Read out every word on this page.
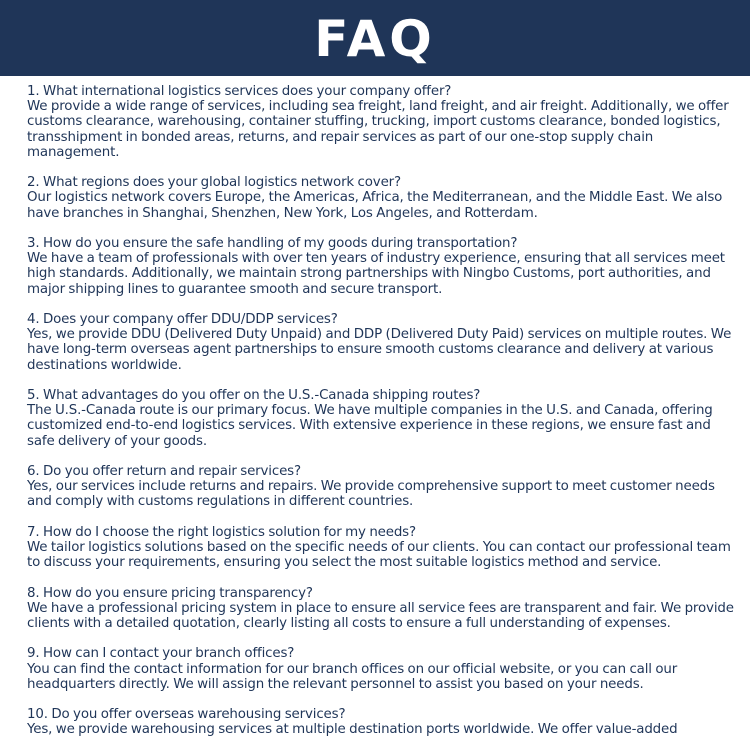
FAQ
1. What international logistics services does your company offer?
We provide a wide range of services, including sea freight, land freight, and air freight. Additionally, we offer customs clearance, warehousing, container stuffing, trucking, import customs clearance, bonded logistics, transshipment in bonded areas, returns, and repair services as part of our one-stop supply chain management.
2. What regions does your global logistics network cover?
Our logistics network covers Europe, the Americas, Africa, the Mediterranean, and the Middle East. We also have branches in Shanghai, Shenzhen, New York, Los Angeles, and Rotterdam.
3. How do you ensure the safe handling of my goods during transportation?
We have a team of professionals with over ten years of industry experience, ensuring that all services meet high standards. Additionally, we maintain strong partnerships with Ningbo Customs, port authorities, and major shipping lines to guarantee smooth and secure transport.
4. Does your company offer DDU/DDP services?
Yes, we provide DDU (Delivered Duty Unpaid) and DDP (Delivered Duty Paid) services on multiple routes. We have long-term overseas agent partnerships to ensure smooth customs clearance and delivery at various destinations worldwide.
5. What advantages do you offer on the U.S.-Canada shipping routes?
The U.S.-Canada route is our primary focus. We have multiple companies in the U.S. and Canada, offering customized end-to-end logistics services. With extensive experience in these regions, we ensure fast and safe delivery of your goods.
6. Do you offer return and repair services?
Yes, our services include returns and repairs. We provide comprehensive support to meet customer needs and comply with customs regulations in different countries.
7. How do I choose the right logistics solution for my needs?
We tailor logistics solutions based on the specific needs of our clients. You can contact our professional team to discuss your requirements, ensuring you select the most suitable logistics method and service.
8. How do you ensure pricing transparency?
We have a professional pricing system in place to ensure all service fees are transparent and fair. We provide clients with a detailed quotation, clearly listing all costs to ensure a full understanding of expenses.
9. How can I contact your branch offices?
You can find the contact information for our branch offices on our official website, or you can call our headquarters directly. We will assign the relevant personnel to assist you based on your needs.
10. Do you offer overseas warehousing services?
Yes, we provide warehousing services at multiple destination ports worldwide. We offer value-added
